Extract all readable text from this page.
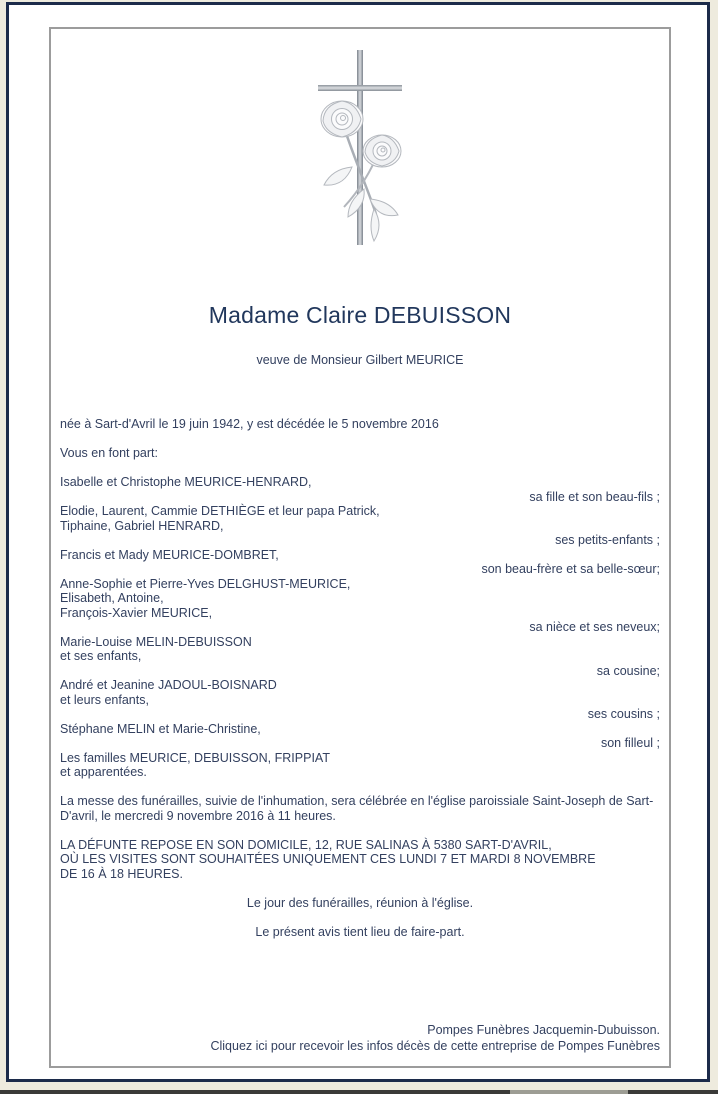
Madame Claire DEBUISSON
veuve de Monsieur Gilbert MEURICE
née à Sart-d'Avril le 19 juin 1942, y est décédée le 5 novembre 2016
Vous en font part:
Isabelle et Christophe MEURICE-HENRARD,
sa fille et son beau-fils ;
Elodie, Laurent, Cammie DETHIÈGE et leur papa Patrick,
Tiphaine, Gabriel HENRARD,
ses petits-enfants ;
Francis et Mady MEURICE-DOMBRET,
son beau-frère et sa belle-sœur;
Anne-Sophie et Pierre-Yves DELGHUST-MEURICE,
Elisabeth, Antoine,
François-Xavier MEURICE,
sa nièce et ses neveux;
Marie-Louise MELIN-DEBUISSON
et ses enfants,
sa cousine;
André et Jeanine JADOUL-BOISNARD
et leurs enfants,
ses cousins ;
Stéphane MELIN et Marie-Christine,
son filleul ;
Les familles MEURICE, DEBUISSON, FRIPPIAT
et apparentées.
La messe des funérailles, suivie de l'inhumation, sera célébrée en l'église paroissiale Saint-Joseph de Sart-D'avril, le mercredi 9 novembre 2016 à 11 heures.
LA DÉFUNTE REPOSE EN SON DOMICILE, 12, RUE SALINAS À 5380 SART-D'AVRIL,
OÙ LES VISITES SONT SOUHAITÉES UNIQUEMENT CES LUNDI 7 ET MARDI 8 NOVEMBRE
DE 16 À 18 HEURES.
Le jour des funérailles, réunion à l'église.
Le présent avis tient lieu de faire-part.
Pompes Funèbres Jacquemin-Dubuisson.
Cliquez ici pour recevoir les infos décès de cette entreprise de Pompes Funèbres
